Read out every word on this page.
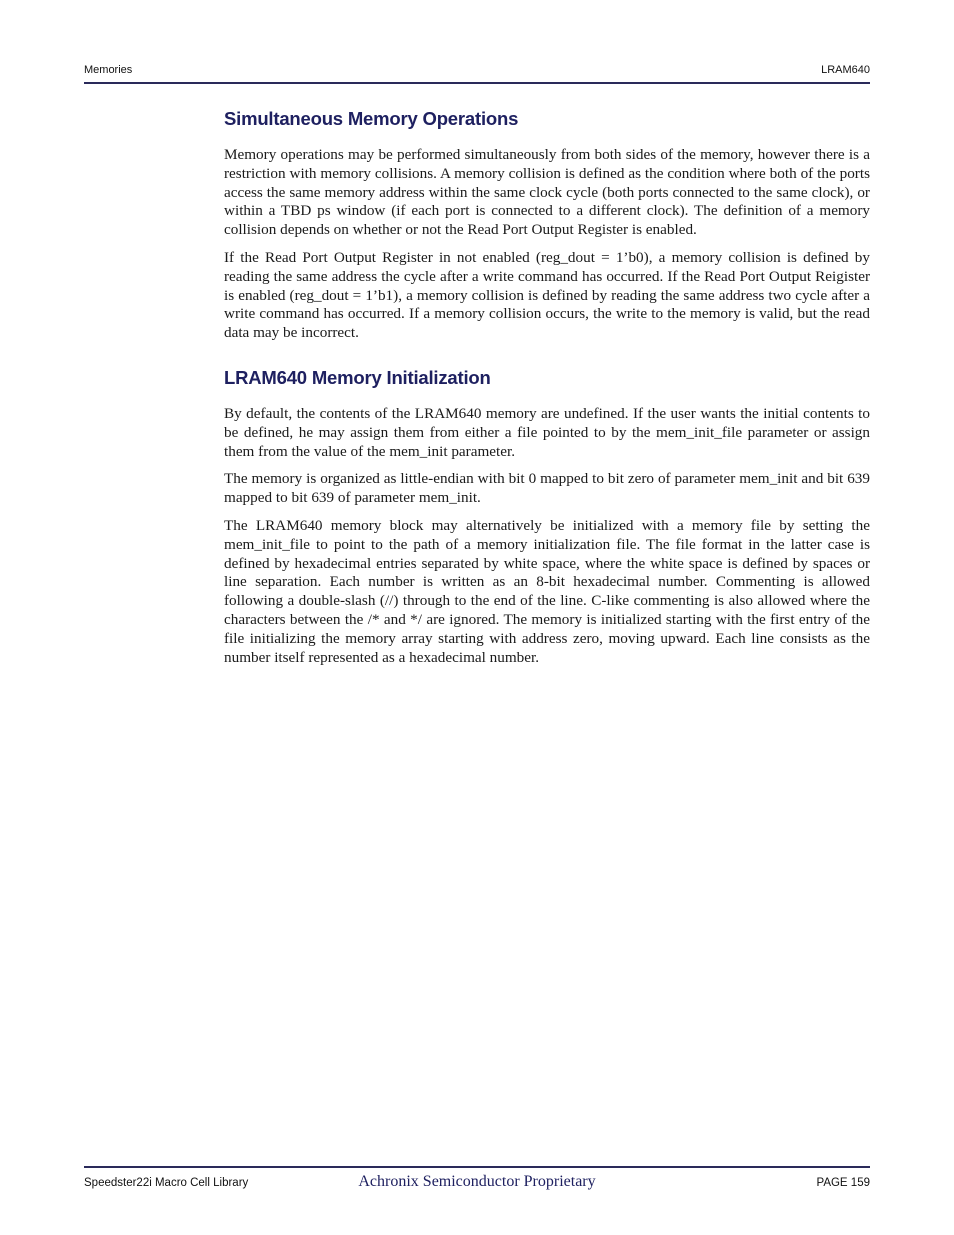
Memories	LRAM640
Simultaneous Memory Operations

Memory operations may be performed simultaneously from both sides of the memory, however there is a restriction with memory collisions. A memory collision is defined as the condition where both of the ports access the same memory address within the same clock cycle (both ports connected to the same clock), or within a TBD ps window (if each port is connected to a different clock). The definition of a memory collision depends on whether or not the Read Port Output Register is enabled.

If the Read Port Output Register in not enabled (reg_dout = 1’b0), a memory collision is defined by reading the same address the cycle after a write command has occurred. If the Read Port Output Reigister is enabled (reg_dout = 1’b1), a memory collision is defined by reading the same address two cycle after a write command has occurred. If a memory collision occurs, the write to the memory is valid, but the read data may be incorrect.

LRAM640 Memory Initialization

By default, the contents of the LRAM640 memory are undefined. If the user wants the initial contents to be defined, he may assign them from either a file pointed to by the mem_init_file parameter or assign them from the value of the mem_init parameter.

The memory is organized as little-endian with bit 0 mapped to bit zero of parameter mem_init and bit 639 mapped to bit 639 of parameter mem_init.

The LRAM640 memory block may alternatively be initialized with a memory file by setting the mem_init_file to point to the path of a memory initialization file. The file format in the latter case is defined by hexadecimal entries separated by white space, where the white space is defined by spaces or line separation. Each number is written as an 8-bit hexadecimal number. Commenting is allowed following a double-slash (//) through to the end of the line. C-like commenting is also allowed where the characters between the /* and */ are ignored. The memory is initialized starting with the first entry of the file initializing the memory array starting with address zero, moving upward. Each line consists as the number itself represented as a hexadecimal number.

Speedster22i Macro Cell Library	Achronix Semiconductor Proprietary	PAGE 159
